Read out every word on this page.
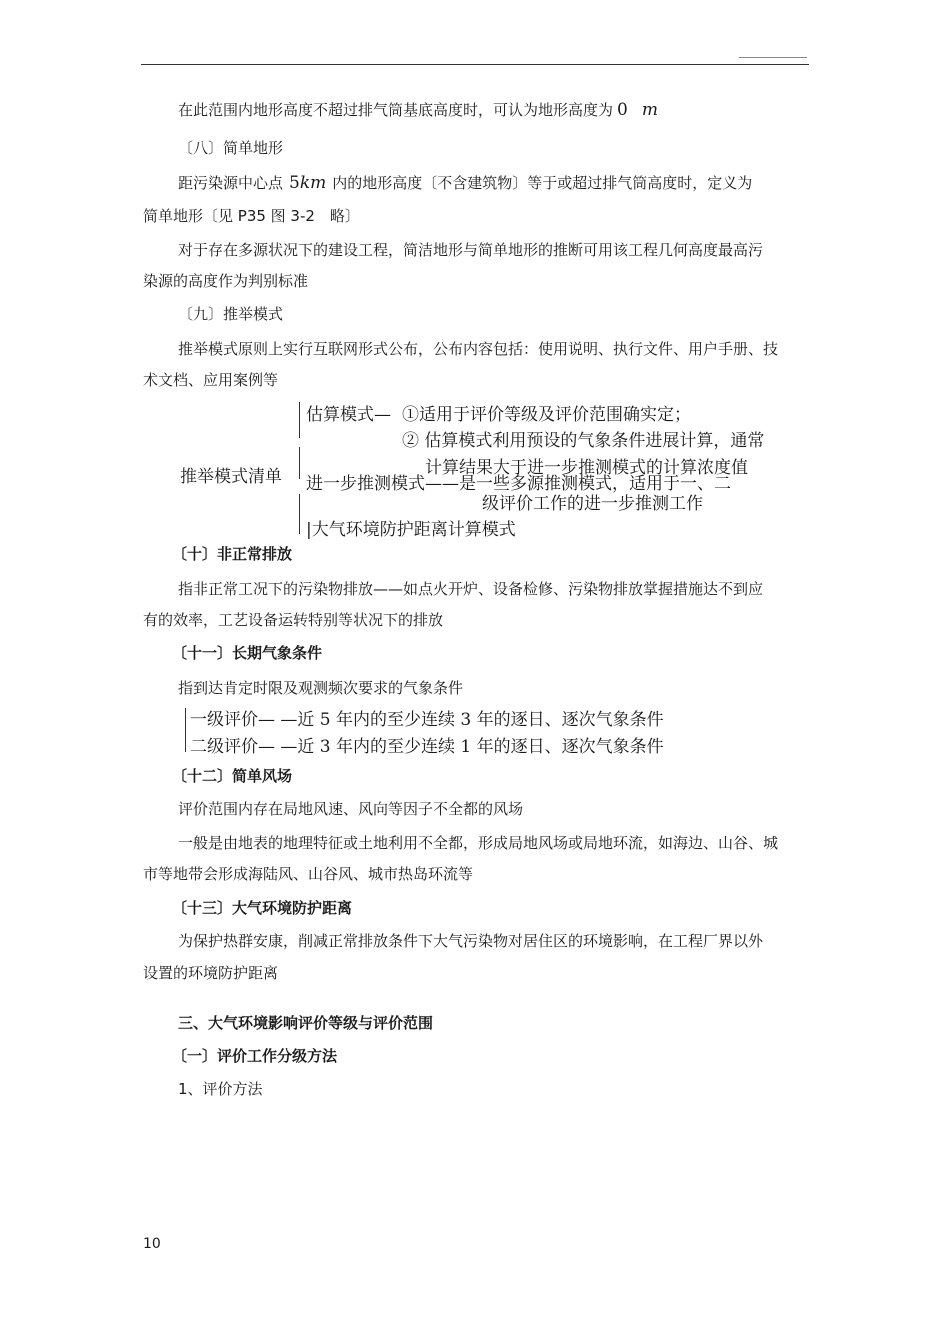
在此范围内地形高度不超过排气筒基底高度时，可认为地形高度为 0 m
〔八〕简单地形
距污染源中心点 5km 内的地形高度〔不含建筑物〕等于或超过排气筒高度时，定义为
简单地形〔见 P35 图 3-2　略〕
对于存在多源状况下的建设工程，简洁地形与简单地形的推断可用该工程几何高度最高污
染源的高度作为判别标准
〔九〕推举模式
推举模式原则上实行互联网形式公布，公布内容包括：使用说明、执行文件、用户手册、技
术文档、应用案例等
推举模式清单
估算模式— ①适用于评价等级及评价范围确实定；
② 估算模式利用预设的气象条件进展计算，通常
计算结果大于进一步推测模式的计算浓度值
进一步推测模式——是一些多源推测模式，适用于一、二
级评价工作的进一步推测工作
|大气环境防护距离计算模式
〔十〕非正常排放
指非正常工况下的污染物排放——如点火开炉、设备检修、污染物排放掌握措施达不到应
有的效率，工艺设备运转特别等状况下的排放
〔十一〕长期气象条件
指到达肯定时限及观测频次要求的气象条件
一级评价— —近 5 年内的至少连续 3 年的逐日、逐次气象条件
二级评价— —近 3 年内的至少连续 1 年的逐日、逐次气象条件
〔十二〕简单风场
评价范围内存在局地风速、风向等因子不全都的风场
一般是由地表的地理特征或土地利用不全都，形成局地风场或局地环流，如海边、山谷、城
市等地带会形成海陆风、山谷风、城市热岛环流等
〔十三〕大气环境防护距离
为保护热群安康，削减正常排放条件下大气污染物对居住区的环境影响，在工程厂界以外
设置的环境防护距离
三、大气环境影响评价等级与评价范围
〔一〕评价工作分级方法
1、评价方法
10
